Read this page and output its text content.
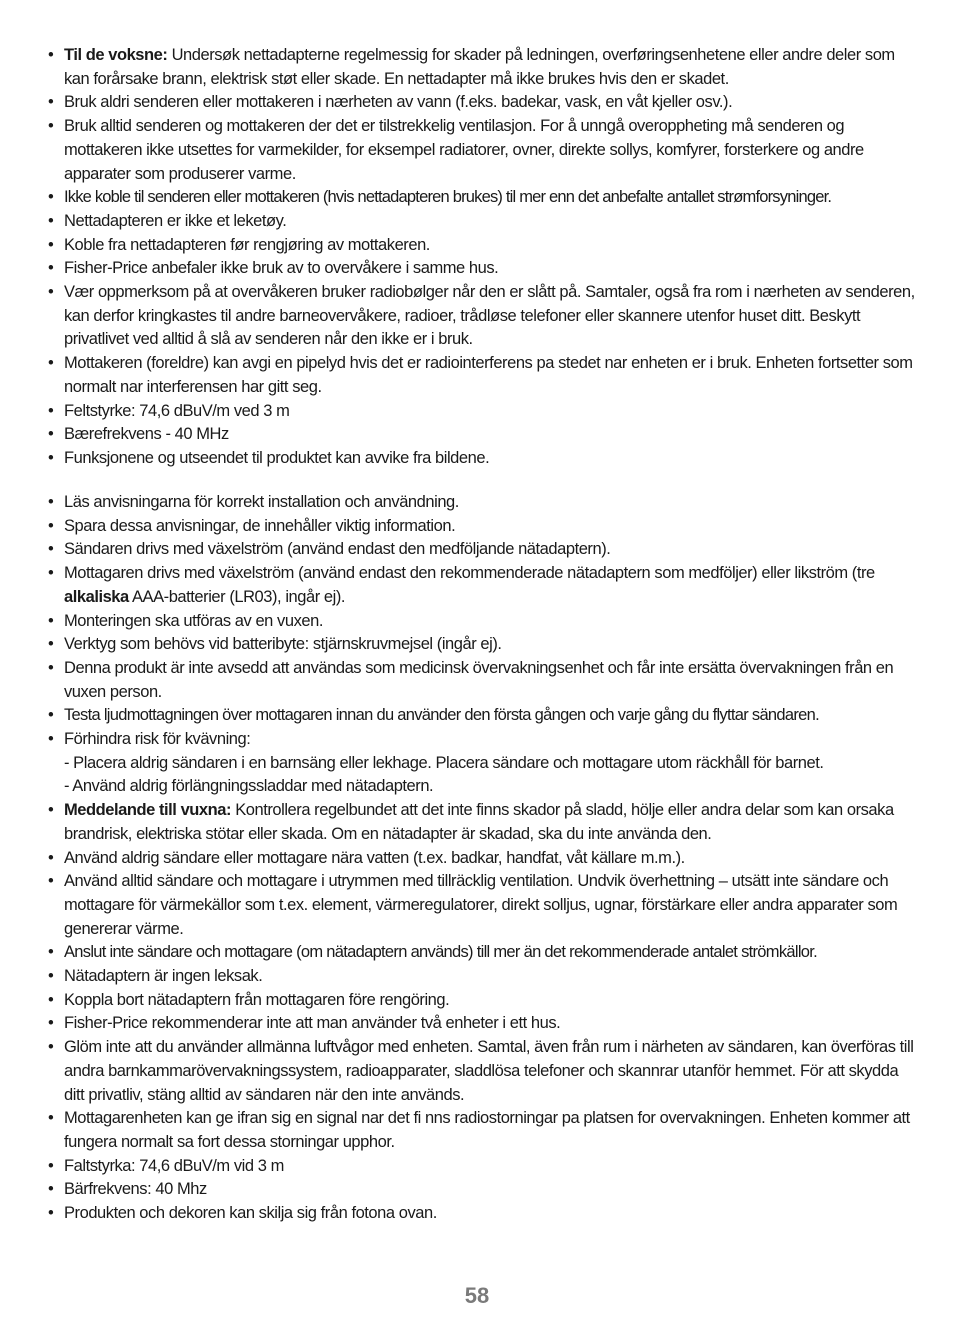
• Til de voksne: Undersøk nettadapterne regelmessig for skader på ledningen, overføringsenhetene eller andre deler som kan forårsake brann, elektrisk støt eller skade. En nettadapter må ikke brukes hvis den er skadet.
• Bruk aldri senderen eller mottakeren i nærheten av vann (f.eks. badekar, vask, en våt kjeller osv.).
• Bruk alltid senderen og mottakeren der det er tilstrekkelig ventilasjon. For å unngå overoppheting må senderen og mottakeren ikke utsettes for varmekilder, for eksempel radiatorer, ovner, direkte sollys, komfyrer, forsterkere og andre apparater som produserer varme.
• Ikke koble til senderen eller mottakeren (hvis nettadapteren brukes) til mer enn det anbefalte antallet strømforsyninger.
• Nettadapteren er ikke et leketøy.
• Koble fra nettadapteren før rengjøring av mottakeren.
• Fisher-Price anbefaler ikke bruk av to overvåkere i samme hus.
• Vær oppmerksom på at overvåkeren bruker radiobølger når den er slått på. Samtaler, også fra rom i nærheten av senderen, kan derfor kringkastes til andre barneovervåkere, radioer, trådløse telefoner eller skannere utenfor huset ditt. Beskytt privatlivet ved alltid å slå av senderen når den ikke er i bruk.
• Mottakeren (foreldre) kan avgi en pipelyd hvis det er radiointerferens pa stedet nar enheten er i bruk. Enheten fortsetter som normalt nar interferensen har gitt seg.
• Feltstyrke: 74,6 dBuV/m ved 3 m
• Bærefrekvens - 40 MHz
• Funksjonene og utseendet til produktet kan avvike fra bildene.
• Läs anvisningarna för korrekt installation och användning.
• Spara dessa anvisningar, de innehåller viktig information.
• Sändaren drivs med växelström (använd endast den medföljande nätadaptern).
• Mottagaren drivs med växelström (använd endast den rekommenderade nätadaptern som medföljer) eller likström (tre alkaliska AAA-batterier (LR03), ingår ej).
• Monteringen ska utföras av en vuxen.
• Verktyg som behövs vid batteribyte: stjärnskruvmejsel (ingår ej).
• Denna produkt är inte avsedd att användas som medicinsk övervakningsenhet och får inte ersätta övervakningen från en vuxen person.
• Testa ljudmottagningen över mottagaren innan du använder den första gången och varje gång du flyttar sändaren.
• Förhindra risk för kvävning:
- Placera aldrig sändaren i en barnsäng eller lekhage. Placera sändare och mottagare utom räckhåll för barnet.
- Använd aldrig förlängningssladdar med nätadaptern.
• Meddelande till vuxna: Kontrollera regelbundet att det inte finns skador på sladd, hölje eller andra delar som kan orsaka brandrisk, elektriska stötar eller skada. Om en nätadapter är skadad, ska du inte använda den.
• Använd aldrig sändare eller mottagare nära vatten (t.ex. badkar, handfat, våt källare m.m.).
• Använd alltid sändare och mottagare i utrymmen med tillräcklig ventilation. Undvik överhettning – utsätt inte sändare och mottagare för värmekällor som t.ex. element, värmeregulatorer, direkt solljus, ugnar, förstärkare eller andra apparater som genererar värme.
• Anslut inte sändare och mottagare (om nätadaptern används) till mer än det rekommenderade antalet strömkällor.
• Nätadaptern är ingen leksak.
• Koppla bort nätadaptern från mottagaren före rengöring.
• Fisher-Price rekommenderar inte att man använder två enheter i ett hus.
• Glöm inte att du använder allmänna luftvågor med enheten. Samtal, även från rum i närheten av sändaren, kan överföras till andra barnkammarövervakningssystem, radioapparater, sladdlösa telefoner och skannrar utanför hemmet. För att skydda ditt privatliv, stäng alltid av sändaren när den inte används.
• Mottagarenheten kan ge ifran sig en signal nar det fi nns radiostorningar pa platsen for overvakningen. Enheten kommer att fungera normalt sa fort dessa storningar upphor.
• Faltstyrka: 74,6 dBuV/m vid 3 m
• Bärfrekvens: 40 Mhz
• Produkten och dekoren kan skilja sig från fotona ovan.
58
